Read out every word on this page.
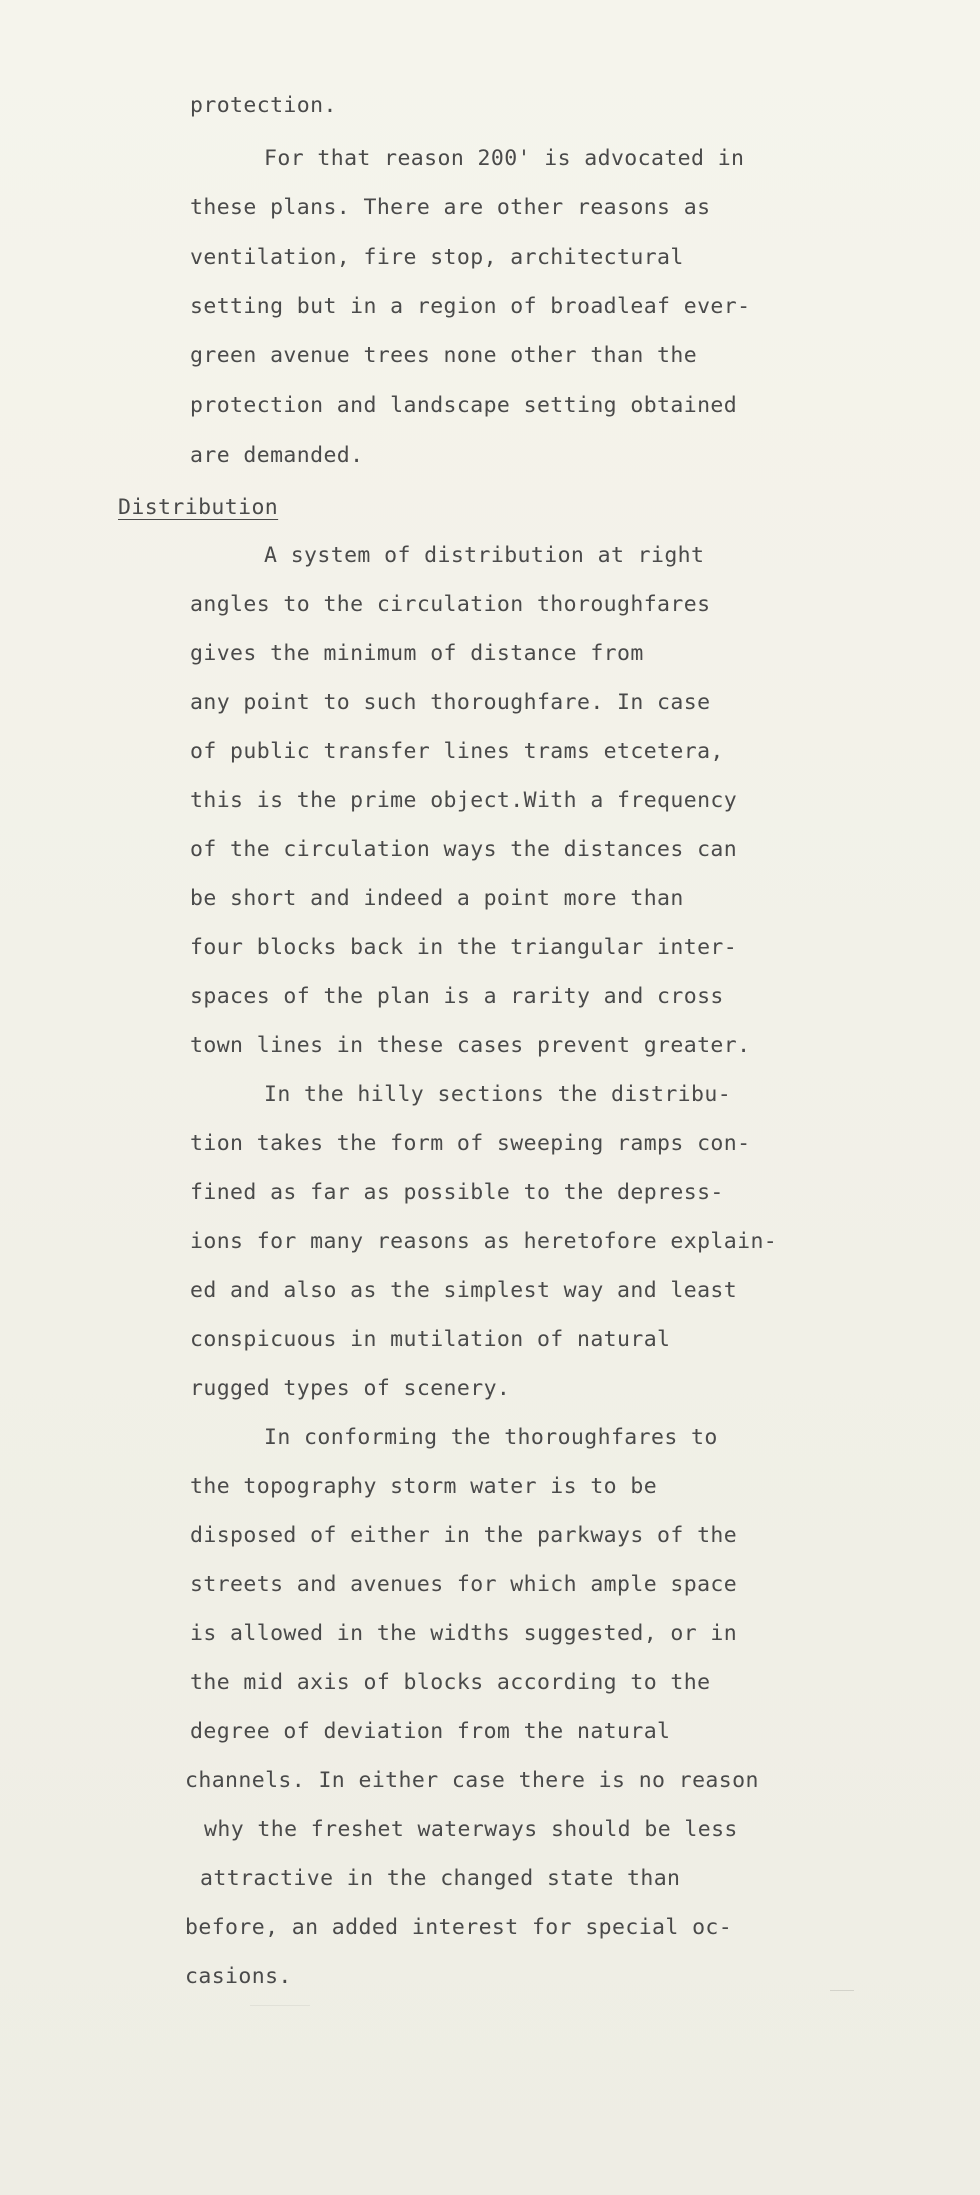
protection.

For that reason 200' is advocated in

these plans. There are other reasons as

ventilation, fire stop, architectural

setting but in a region of broadleaf ever-

green avenue trees none other than the

protection and landscape setting obtained

are demanded.

Distribution

A system of distribution at right

angles to the circulation thoroughfares

gives the minimum of distance from

any point to such thoroughfare. In case

of public transfer lines trams etcetera,

this is the prime object.With a frequency

of the circulation ways the distances can

be short and indeed a point more than

four blocks back in the triangular inter-

spaces of the plan is a rarity and cross

town lines in these cases prevent greater.

In the hilly sections the distribu-

tion takes the form of sweeping ramps con-

fined as far as possible to the depress-

ions for many reasons as heretofore explain-

ed and also as the simplest way and least

conspicuous in mutilation of natural

rugged types of scenery.

In conforming the thoroughfares to

the topography storm water is to be

disposed of either in the parkways of the

streets and avenues for which ample space

is allowed in the widths suggested, or in

the mid axis of blocks according to the

degree of deviation from the natural

channels. In either case there is no reason

why the freshet waterways should be less

attractive in the changed state than

before, an added interest for special oc-

casions.
